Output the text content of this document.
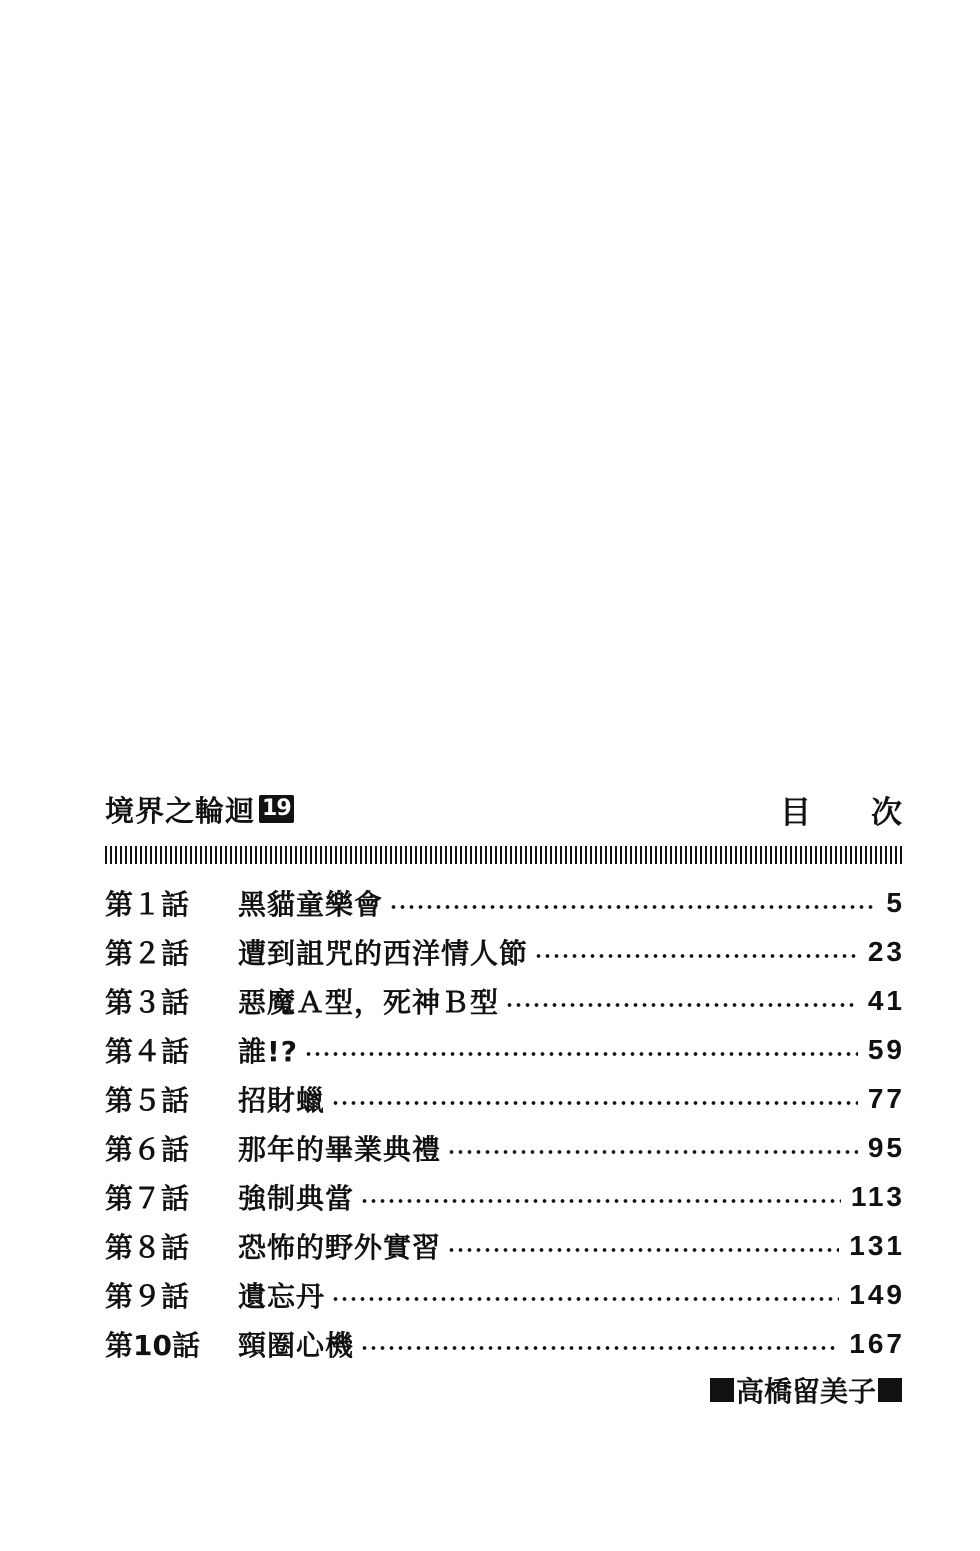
境界之輪迴 19	目次
第１話	黑貓童樂會	5
第２話	遭到詛咒的西洋情人節	23
第３話	惡魔Ａ型，死神Ｂ型	41
第４話	誰!?	59
第５話	招財蠟	77
第６話	那年的畢業典禮	95
第７話	強制典當	113
第８話	恐怖的野外實習	131
第９話	遺忘丹	149
第10話	頸圈心機	167
高橋留美子
